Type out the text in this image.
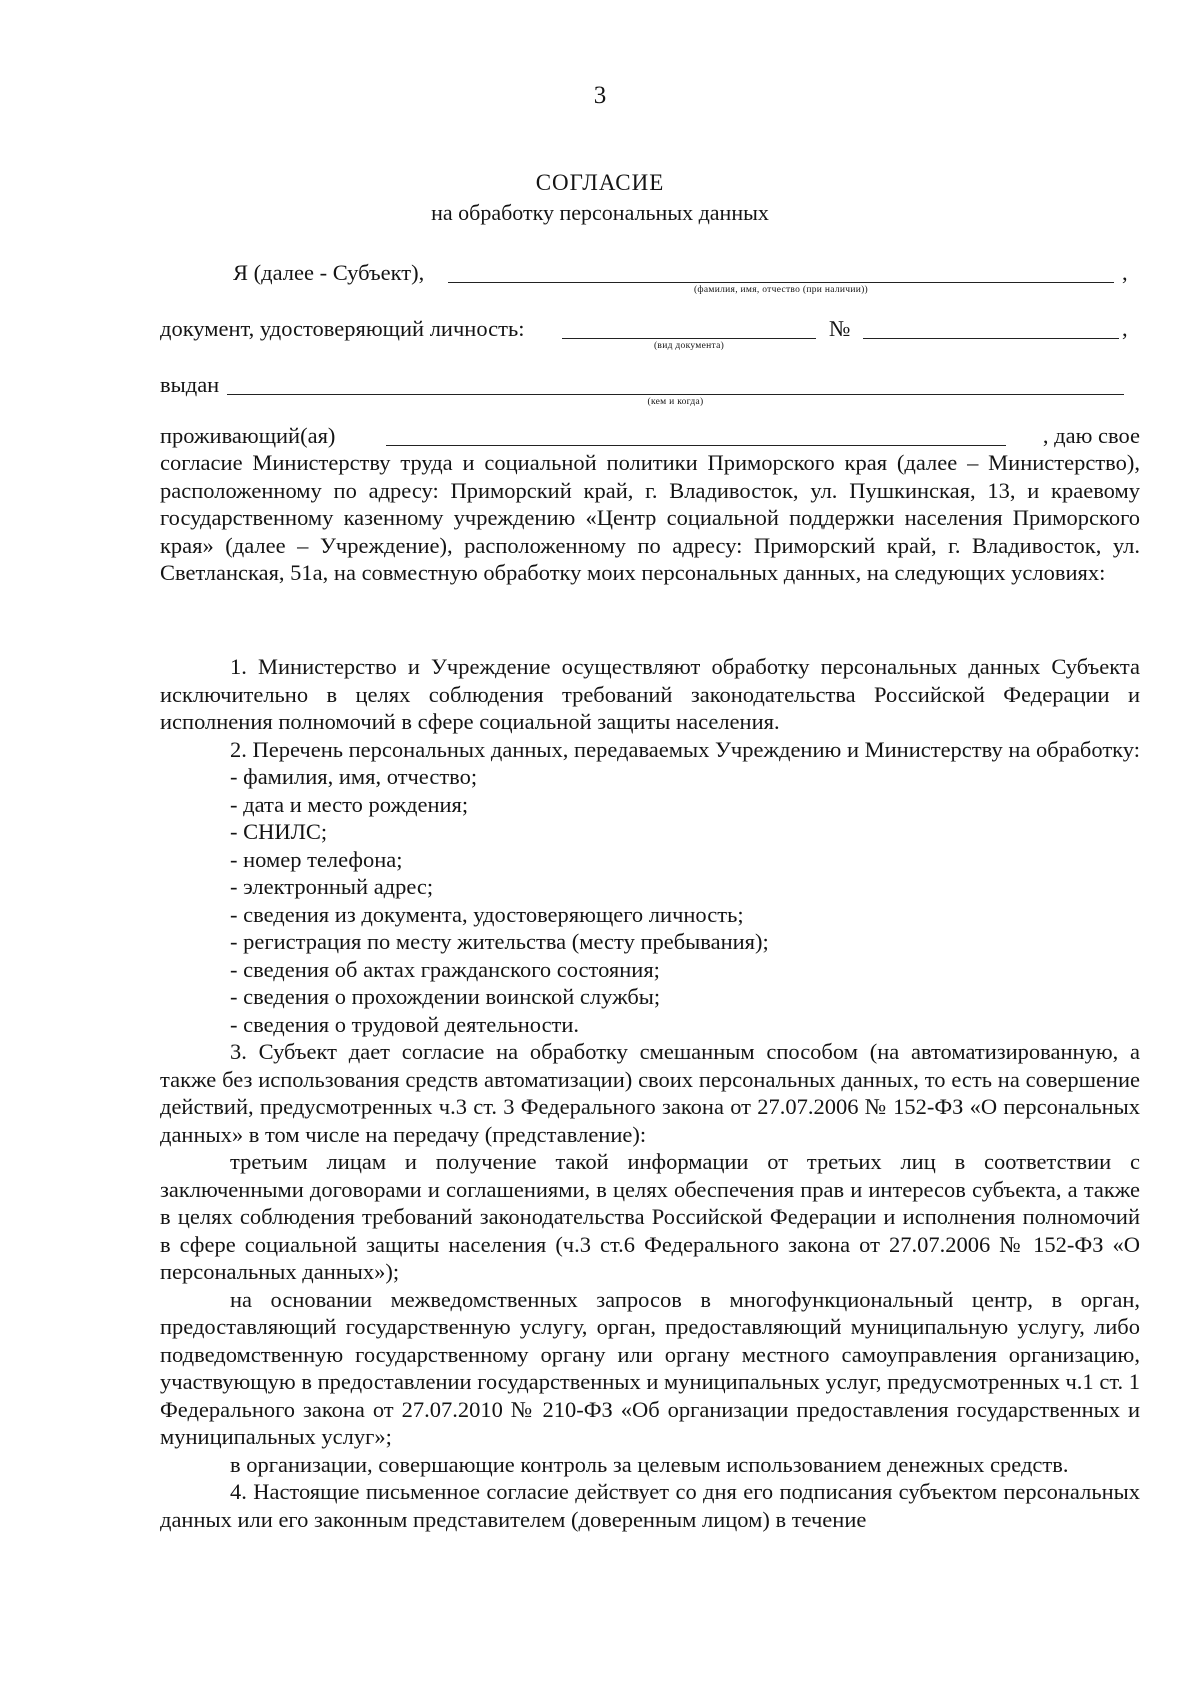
3
СОГЛАСИЕ
на обработку персональных данных
Я (далее - Субъект),	,
(фамилия, имя, отчество (при наличии))
документ, удостоверяющий личность:
(вид документа)
№	,
выдан
(кем и когда)
проживающий(ая)	, даю свое

согласие Министерству труда и социальной политики Приморского края (далее – Министерство), расположенному по адресу: Приморский край, г. Владивосток, ул. Пушкинская, 13, и краевому государственному казенному учреждению «Центр социальной поддержки населения Приморского края» (далее – Учреждение), расположенному по адресу: Приморский край, г. Владивосток, ул. Светланская, 51а, на совместную обработку моих персональных данных, на следующих условиях:

1. Министерство и Учреждение осуществляют обработку персональных данных Субъекта исключительно в целях соблюдения требований законодательства Российской Федерации и исполнения полномочий в сфере социальной защиты населения.

2. Перечень персональных данных, передаваемых Учреждению и Министерству на обработку:

- фамилия, имя, отчество;

- дата и место рождения;

- СНИЛС;

- номер телефона;

- электронный адрес;

- сведения из документа, удостоверяющего личность;

- регистрация по месту жительства (месту пребывания);

- сведения об актах гражданского состояния;

- сведения о прохождении воинской службы;

- сведения о трудовой деятельности.

3. Субъект дает согласие на обработку смешанным способом (на автоматизированную, а также без использования средств автоматизации) своих персональных данных, то есть на совершение действий, предусмотренных ч.3 ст. 3 Федерального закона от 27.07.2006 № 152-ФЗ «О персональных данных» в том числе на передачу (представление):

третьим лицам и получение такой информации от третьих лиц в соответствии с заключенными договорами и соглашениями, в целях обеспечения прав и интересов субъекта, а также в целях соблюдения требований законодательства Российской Федерации и исполнения полномочий в сфере социальной защиты населения (ч.3 ст.6 Федерального закона от 27.07.2006 № 152-ФЗ «О персональных данных»);

на основании межведомственных запросов в многофункциональный центр, в орган, предоставляющий государственную услугу, орган, предоставляющий муниципальную услугу, либо подведомственную государственному органу или органу местного самоуправления организацию, участвующую в предоставлении государственных и муниципальных услуг, предусмотренных ч.1 ст. 1 Федерального закона от 27.07.2010 № 210-ФЗ «Об организации предоставления государственных и муниципальных услуг»;

в организации, совершающие контроль за целевым использованием денежных средств.

4. Настоящие письменное согласие действует со дня его подписания субъектом персональных данных или его законным представителем (доверенным лицом) в течение
